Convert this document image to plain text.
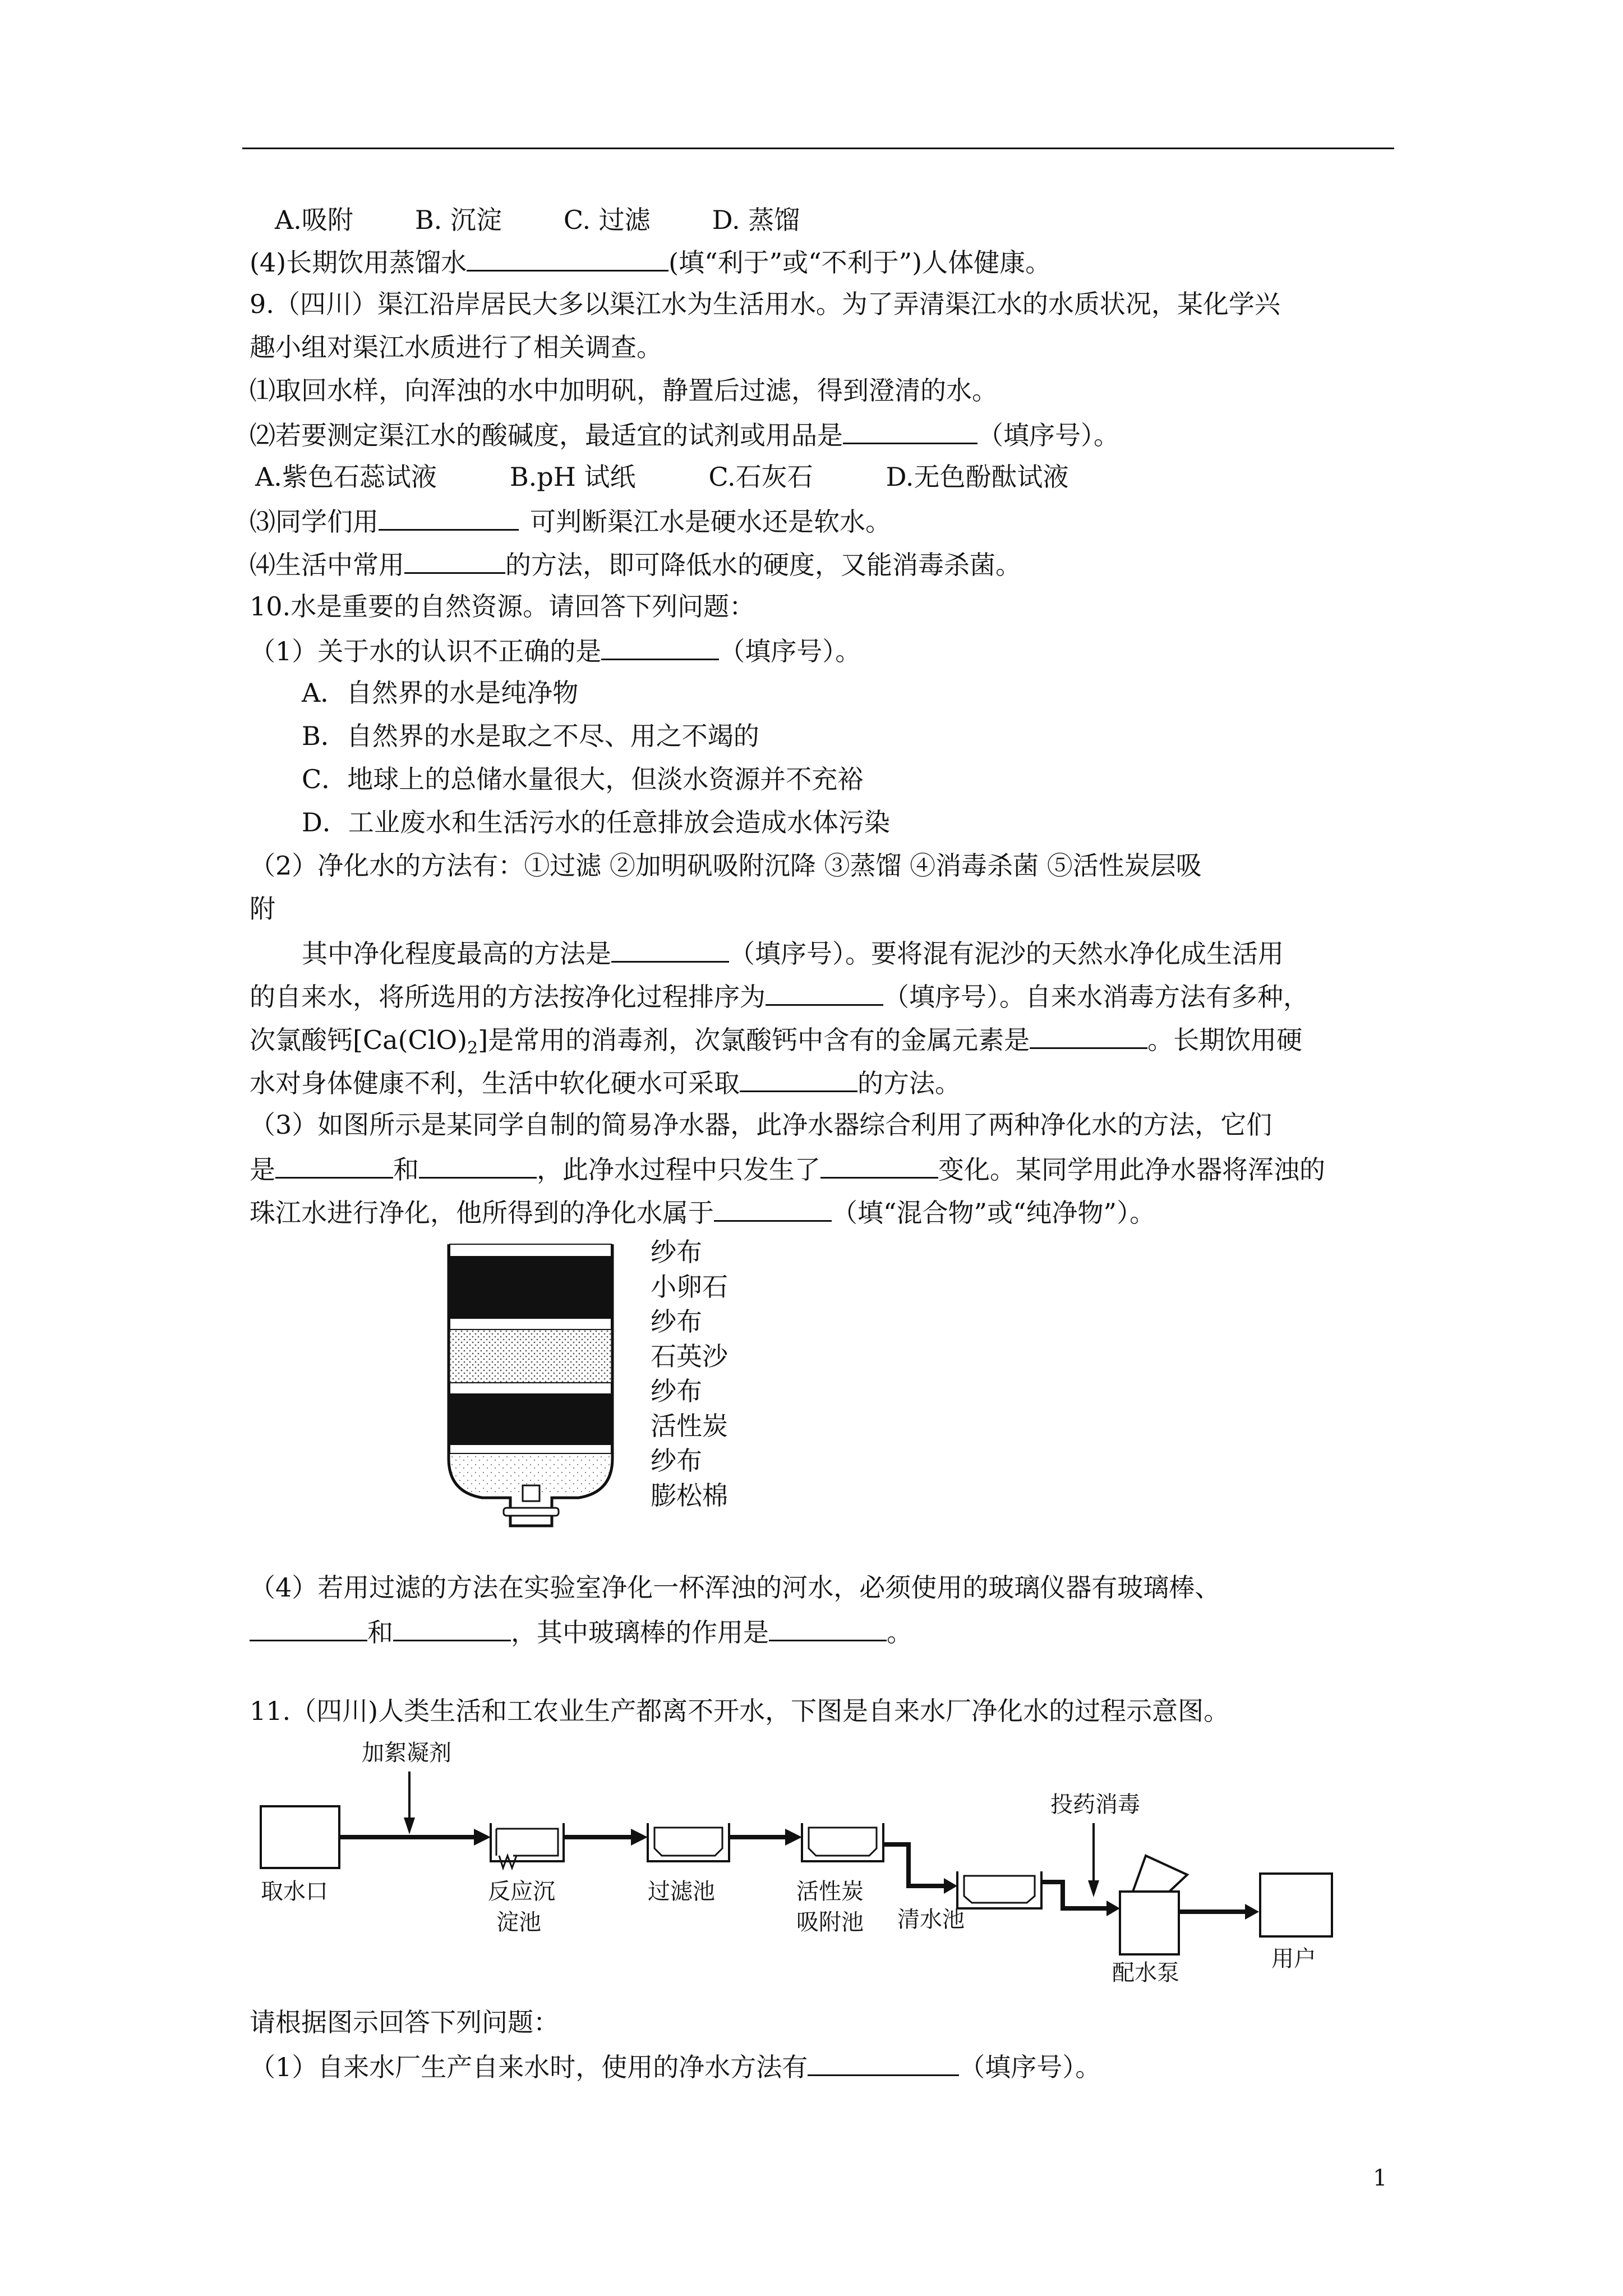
A.吸附 B. 沉淀 C. 过滤 D. 蒸馏
(4)长期饮用蒸馏水	(填“利于”或“不利于”)人体健康。
9.（四川）渠江沿岸居民大多以渠江水为生活用水。为了弄清渠江水的水质状况，某化学兴
趣小组对渠江水质进行了相关调查。
⑴取回水样，向浑浊的水中加明矾，静置后过滤，得到澄清的水。
⑵若要测定渠江水的酸碱度，最适宜的试剂或用品是	（填序号）。
A.紫色石蕊试液	B.pH 试纸	C.石灰石	D.无色酚酞试液
⑶同学们用	可判断渠江水是硬水还是软水。
⑷生活中常用	的方法，即可降低水的硬度，又能消毒杀菌。
10.水是重要的自然资源。请回答下列问题：
（1）关于水的认识不正确的是	（填序号）。
A．自然界的水是纯净物
B．自然界的水是取之不尽、用之不竭的
C．地球上的总储水量很大，但淡水资源并不充裕
D．工业废水和生活污水的任意排放会造成水体污染
（2）净化水的方法有：①过滤 ②加明矾吸附沉降 ③蒸馏 ④消毒杀菌 ⑤活性炭层吸
附
其中净化程度最高的方法是	（填序号）。要将混有泥沙的天然水净化成生活用
的自来水，将所选用的方法按净化过程排序为	（填序号）。自来水消毒方法有多种，
次氯酸钙$[Ca(ClO)_2]$是常用的消毒剂，次氯酸钙中含有的金属元素是	。长期饮用硬
水对身体健康不利，生活中软化硬水可采取	的方法。
（3）如图所示是某同学自制的简易净水器，此净水器综合利用了两种净化水的方法，它们
是	和	，此净水过程中只发生了	变化。某同学用此净水器将浑浊的
珠江水进行净化，他所得到的净化水属于	（填“混合物”或“纯净物”）。
纱布
小卵石
纱布
石英沙
纱布
活性炭
纱布
膨松棉
（4）若用过滤的方法在实验室净化一杯浑浊的河水，必须使用的玻璃仪器有玻璃棒、
和	，其中玻璃棒的作用是	。
11.（四川)人类生活和工农业生产都离不开水，下图是自来水厂净化水的过程示意图。
加絮凝剂
投药消毒
取水口	反应沉
淀池
过滤池	活性炭
吸附池 清水池
配水泵
用户
请根据图示回答下列问题：
（1）自来水厂生产自来水时，使用的净水方法有	（填序号）。
1
